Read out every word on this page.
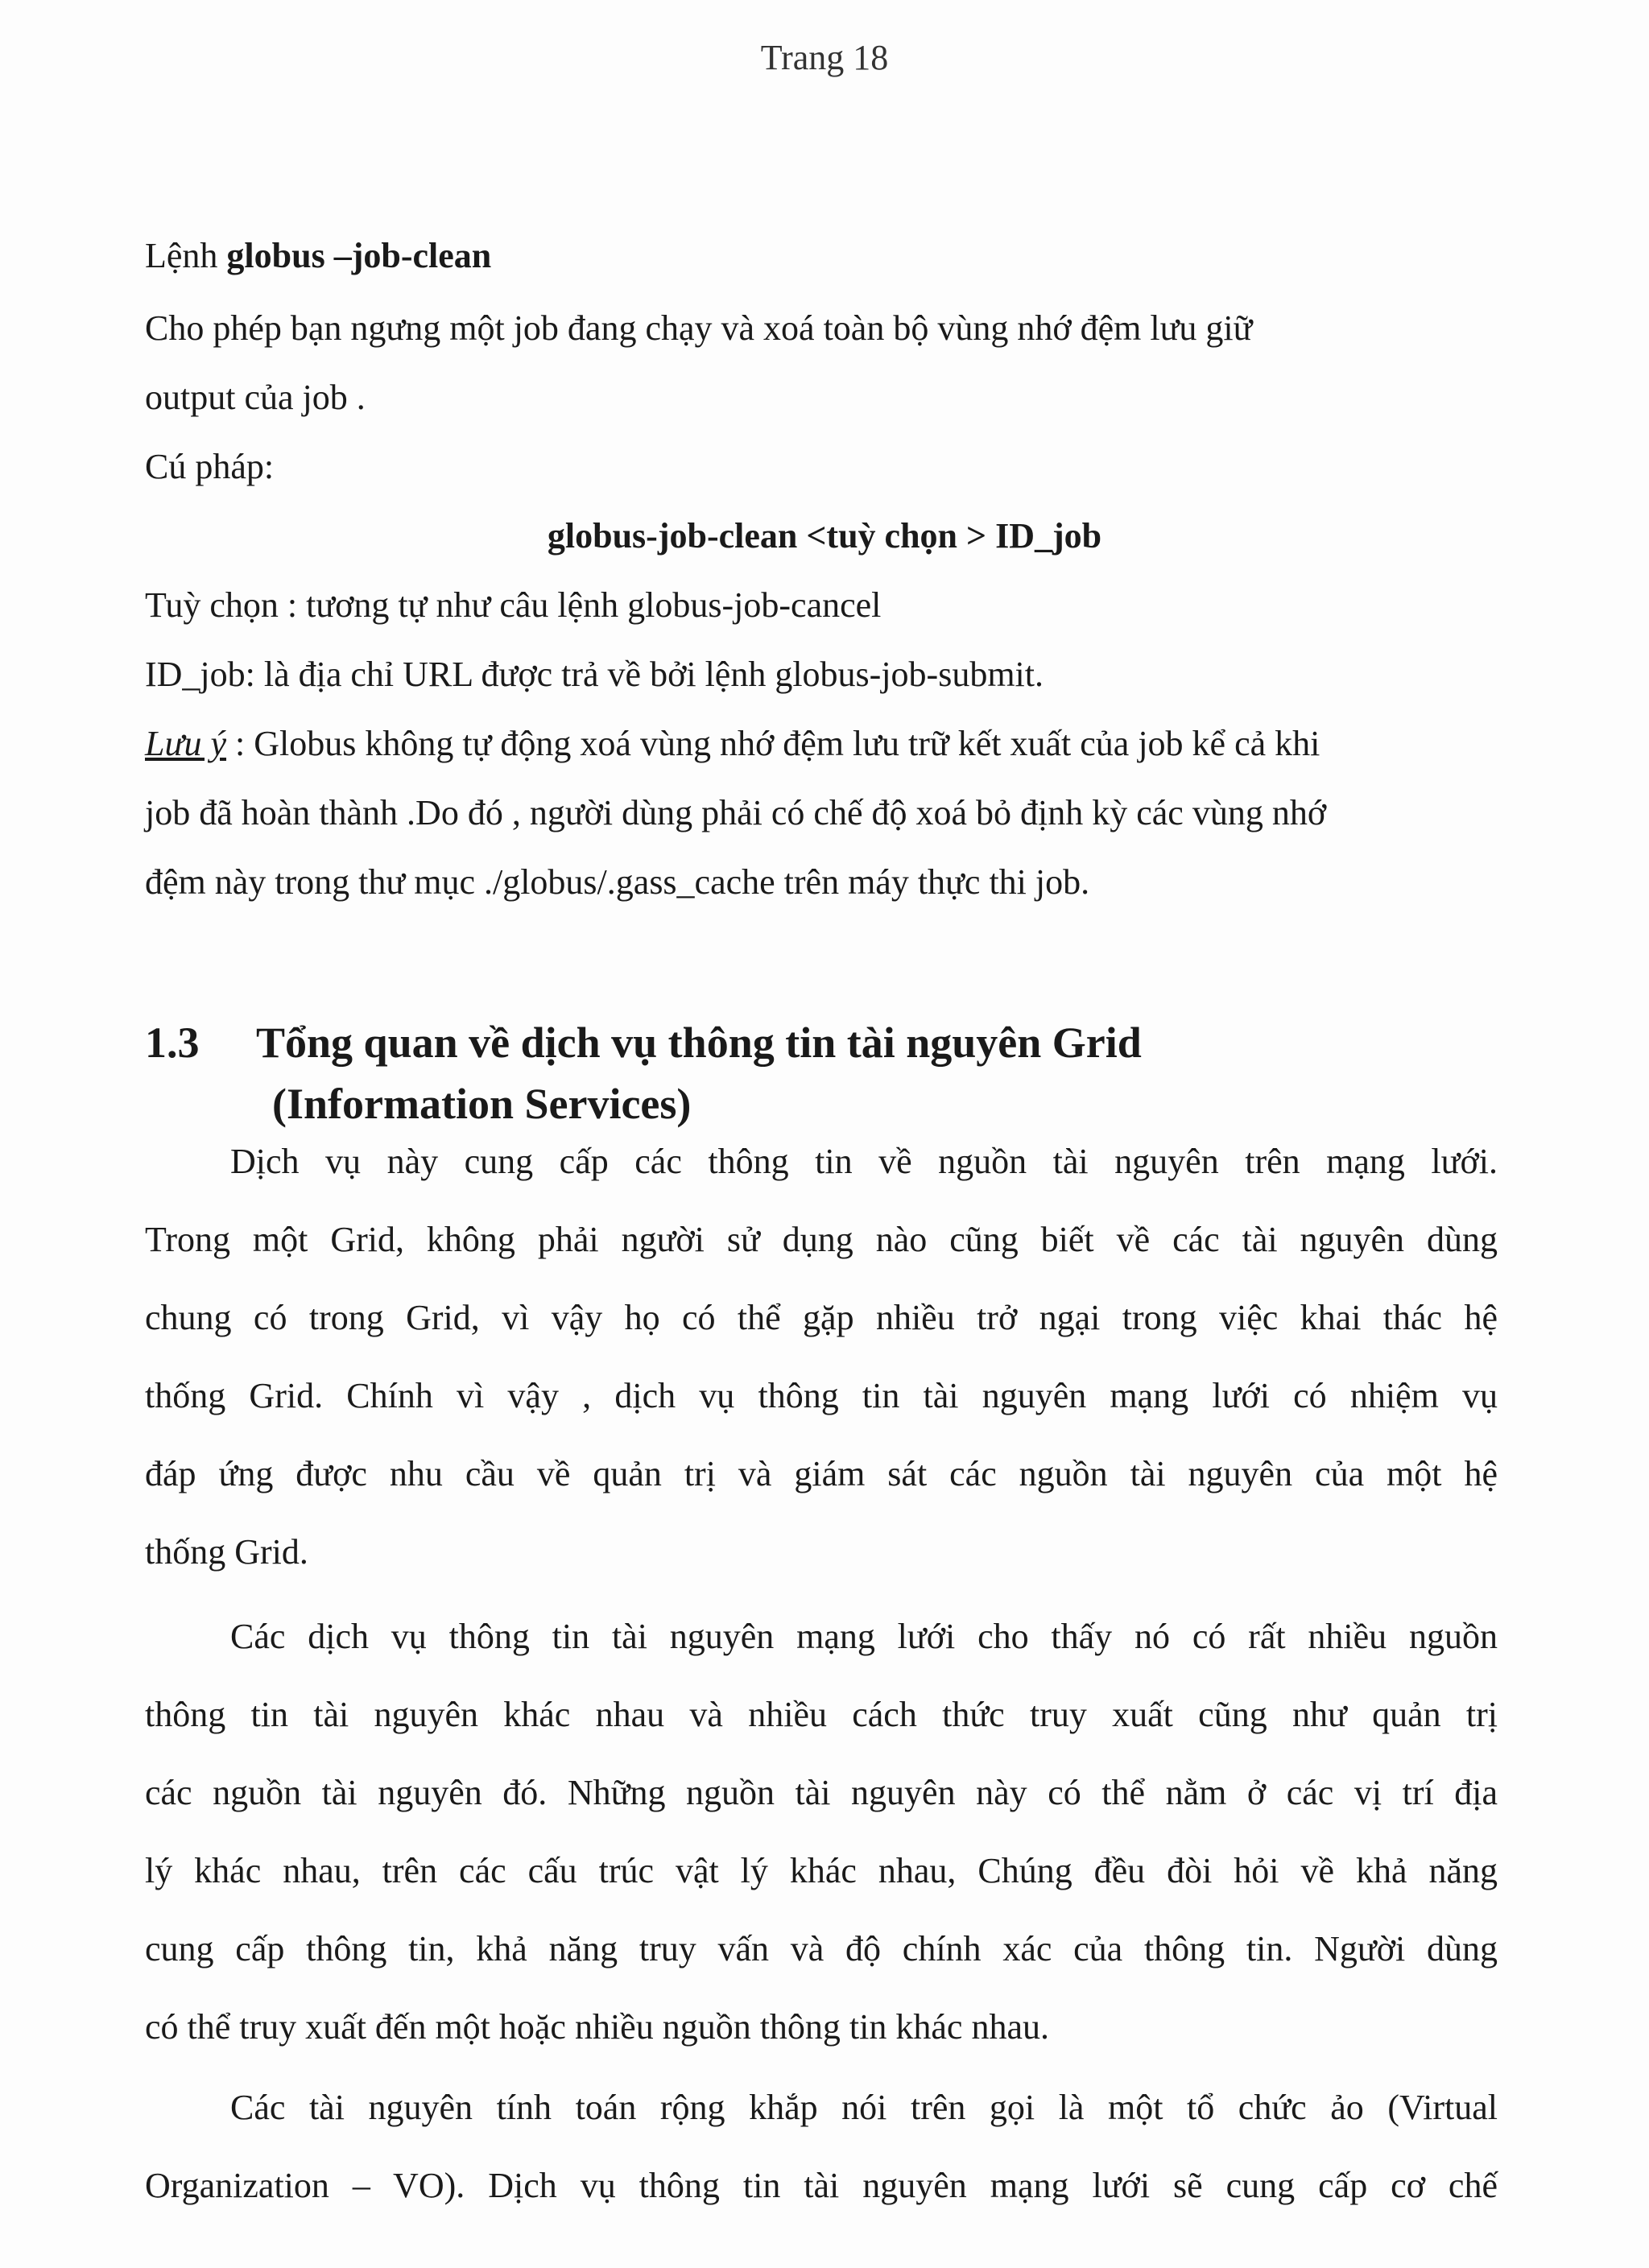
Trang 18
Lệnh globus –job-clean
Cho phép bạn ngưng một job đang chạy và xoá toàn bộ vùng nhớ đệm lưu giữ
output của job .
Cú pháp:
globus-job-clean <tuỳ chọn > ID_job
Tuỳ chọn : tương tự như câu lệnh globus-job-cancel
ID_job: là địa chỉ URL được trả về bởi lệnh globus-job-submit.
Lưu ý : Globus không tự động xoá vùng nhớ đệm lưu trữ kết xuất của job kể cả khi
job đã hoàn thành .Do đó , người dùng phải có chế độ xoá bỏ định kỳ các vùng nhớ
đệm này trong thư mục ./globus/.gass_cache trên máy thực thi job.
1.3 Tổng quan về dịch vụ thông tin tài nguyên Grid
(Information Services)
Dịch vụ này cung cấp các thông tin về nguồn tài nguyên trên mạng lưới.
Trong một Grid, không phải người sử dụng nào cũng biết về các tài nguyên dùng
chung có trong Grid, vì vậy họ có thể gặp nhiều trở ngại trong việc khai thác hệ
thống Grid. Chính vì vậy , dịch vụ thông tin tài nguyên mạng lưới có nhiệm vụ
đáp ứng được nhu cầu về quản trị và giám sát các nguồn tài nguyên của một hệ
thống Grid.
Các dịch vụ thông tin tài nguyên mạng lưới cho thấy nó có rất nhiều nguồn
thông tin tài nguyên khác nhau và nhiều cách thức truy xuất cũng như quản trị
các nguồn tài nguyên đó. Những nguồn tài nguyên này có thể nằm ở các vị trí địa
lý khác nhau, trên các cấu trúc vật lý khác nhau, Chúng đều đòi hỏi về khả năng
cung cấp thông tin, khả năng truy vấn và độ chính xác của thông tin. Người dùng
có thể truy xuất đến một hoặc nhiều nguồn thông tin khác nhau.
Các tài nguyên tính toán rộng khắp nói trên gọi là một tổ chức ảo (Virtual
Organization – VO). Dịch vụ thông tin tài nguyên mạng lưới sẽ cung cấp cơ chế
